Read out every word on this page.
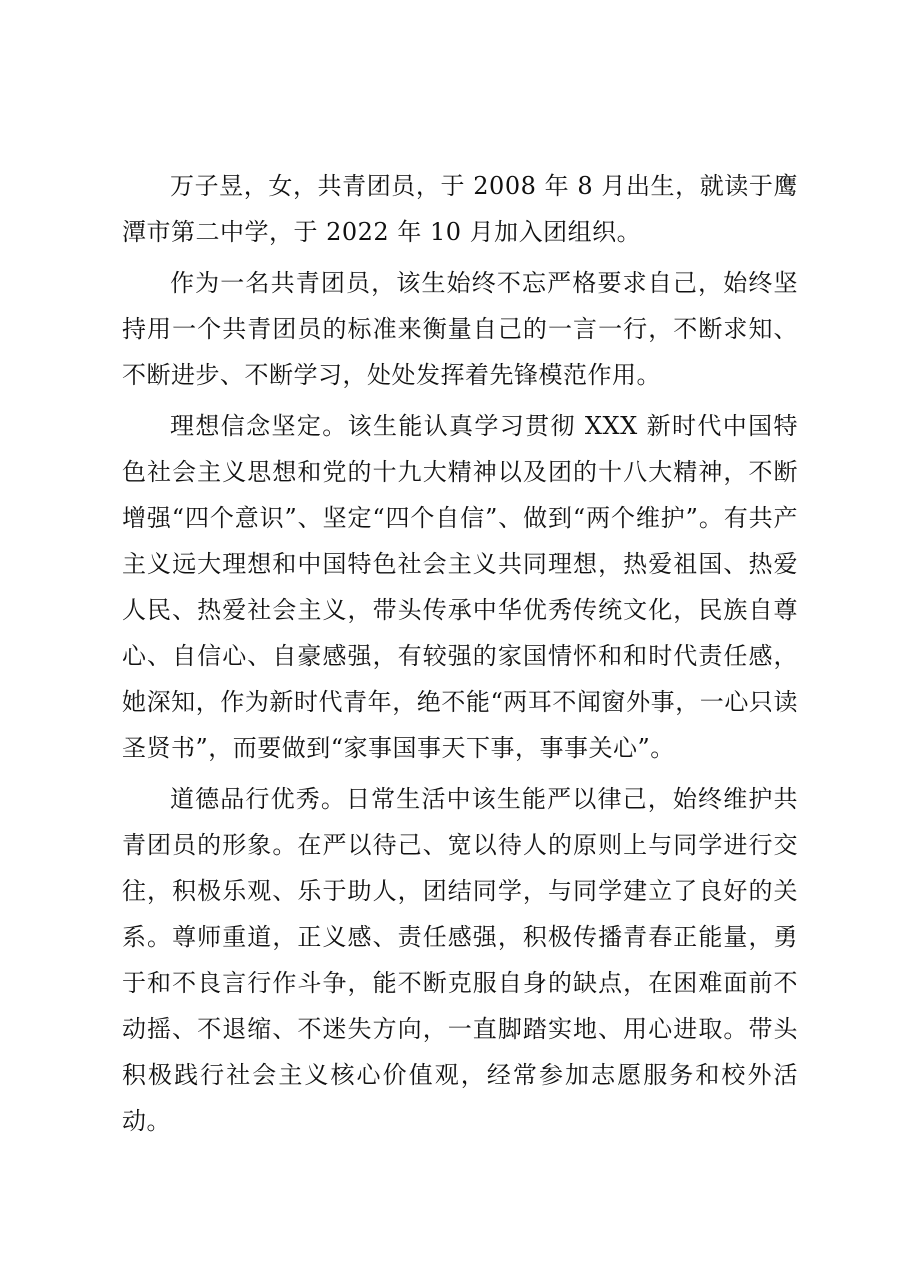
万子昱，女，共青团员，于 2008 年 8 月出生，就读于鹰潭市第二中学，于 2022 年 10 月加入团组织。

作为一名共青团员，该生始终不忘严格要求自己，始终坚持用一个共青团员的标准来衡量自己的一言一行，不断求知、不断进步、不断学习，处处发挥着先锋模范作用。

理想信念坚定。该生能认真学习贯彻 XXX 新时代中国特色社会主义思想和党的十九大精神以及团的十八大精神，不断增强“四个意识”、坚定“四个自信”、做到“两个维护”。有共产主义远大理想和中国特色社会主义共同理想，热爱祖国、热爱人民、热爱社会主义，带头传承中华优秀传统文化，民族自尊心、自信心、自豪感强，有较强的家国情怀和和时代责任感，她深知，作为新时代青年，绝不能“两耳不闻窗外事，一心只读圣贤书”，而要做到“家事国事天下事，事事关心”。

道德品行优秀。日常生活中该生能严以律己，始终维护共青团员的形象。在严以待己、宽以待人的原则上与同学进行交往，积极乐观、乐于助人，团结同学，与同学建立了良好的关系。尊师重道，正义感、责任感强，积极传播青春正能量，勇于和不良言行作斗争，能不断克服自身的缺点，在困难面前不动摇、不退缩、不迷失方向，一直脚踏实地、用心进取。带头积极践行社会主义核心价值观，经常参加志愿服务和校外活动。
